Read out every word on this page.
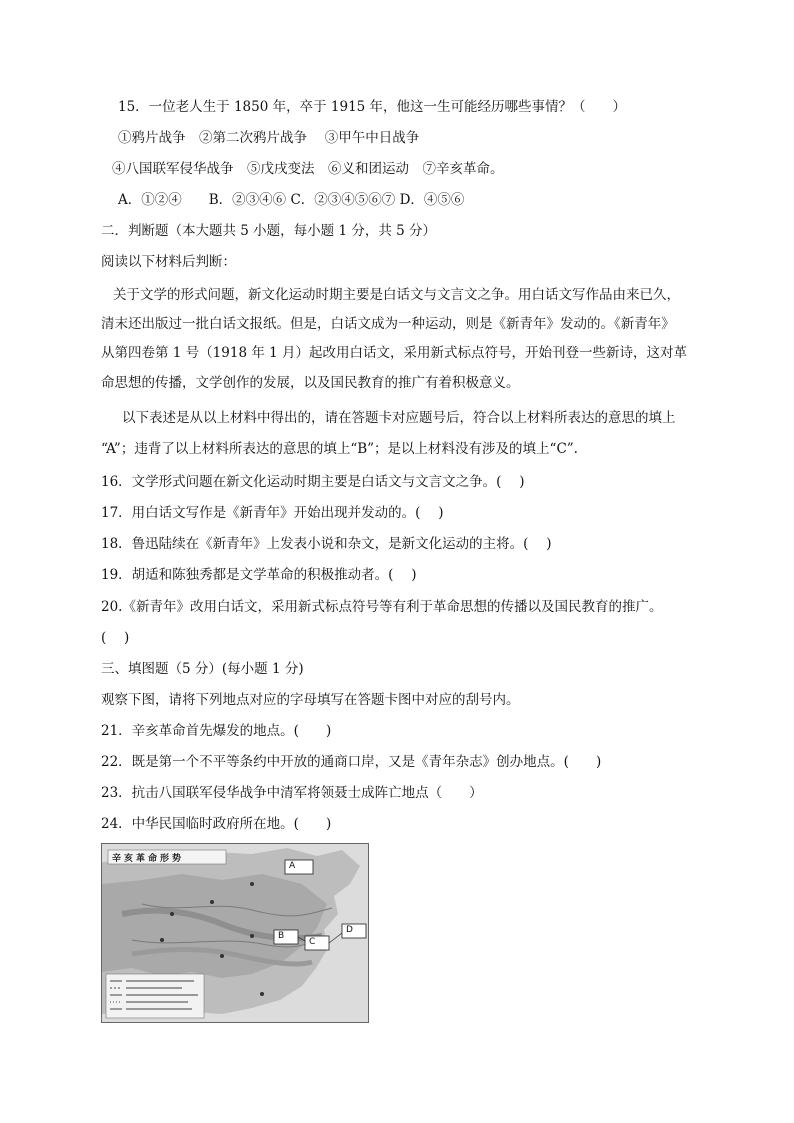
15．一位老人生于 1850 年，卒于 1915 年，他这一生可能经历哪些事情？（　　）
①鸦片战争　②第二次鸦片战争　 ③甲午中日战争
④八国联军侵华战争　⑤戊戌变法　⑥义和团运动　⑦辛亥革命。
A．①②④　　B．②③④⑥ C．②③④⑤⑥⑦ D．④⑤⑥
二．判断题（本大题共 5 小题，每小题 1 分，共 5 分）
阅读以下材料后判断：
关于文学的形式问题，新文化运动时期主要是白话文与文言文之争。用白话文写作品由来已久，
清末还出版过一批白话文报纸。但是，白话文成为一种运动，则是《新青年》发动的。《新青年》
从第四卷第 1 号（1918 年 1 月）起改用白话文，采用新式标点符号，开始刊登一些新诗，这对革
命思想的传播，文学创作的发展，以及国民教育的推广有着积极意义。
以下表述是从以上材料中得出的，请在答题卡对应题号后，符合以上材料所表达的意思的填上
“A”；违背了以上材料所表达的意思的填上“B”；是以上材料没有涉及的填上“C”.
16．文学形式问题在新文化运动时期主要是白话文与文言文之争。(　 )
17．用白话文写作是《新青年》开始出现并发动的。(　 )
18．鲁迅陆续在《新青年》上发表小说和杂文，是新文化运动的主将。(　 )
19．胡适和陈独秀都是文学革命的积极推动者。(　 )
20.《新青年》改用白话文，采用新式标点符号等有利于革命思想的传播以及国民教育的推广。
(　 )
三、填图题（5 分）(每小题 1 分)
观察下图，请将下列地点对应的字母填写在答题卡图中对应的刮号内。
21．辛亥革命首先爆发的地点。(　　)
22．既是第一个不平等条约中开放的通商口岸，又是《青年杂志》创办地点。(　　)
23．抗击八国联军侵华战争中清军将领聂士成阵亡地点（　　）
24．中华民国临时政府所在地。(　　)
辛亥革命形势
A
B
C
D
